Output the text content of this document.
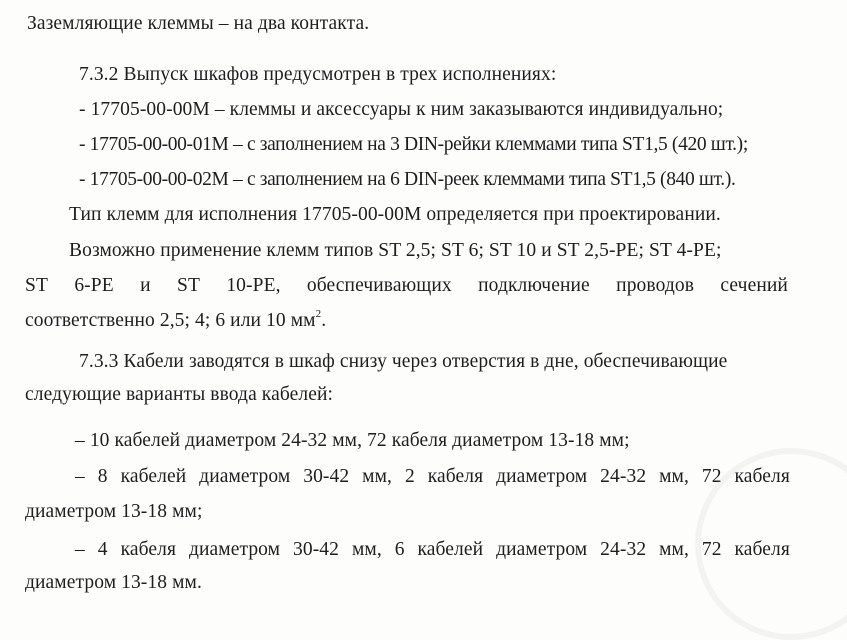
Заземляющие клеммы – на два контакта.
7.3.2 Выпуск шкафов предусмотрен в трех исполнениях:
- 17705-00-00М – клеммы и аксессуары к ним заказываются индивидуально;
- 17705-00-00-01М – с заполнением на 3 DIN-рейки клеммами типа ST1,5 (420 шт.);
- 17705-00-00-02М – с заполнением на 6 DIN-реек клеммами типа ST1,5 (840 шт.).
Тип клемм для исполнения 17705-00-00М определяется при проектировании.
Возможно применение клемм типов ST 2,5; ST 6; ST 10 и ST 2,5-PE; ST 4-PE;
ST 6-PE и ST 10-PE, обеспечивающих подключение проводов сечений
соответственно 2,5; 4; 6 или 10 $мм^2$.
7.3.3 Кабели заводятся в шкаф снизу через отверстия в дне, обеспечивающие
следующие варианты ввода кабелей:
– 10 кабелей диаметром 24-32 мм, 72 кабеля диаметром 13-18 мм;
– 8 кабелей диаметром 30-42 мм, 2 кабеля диаметром 24-32 мм, 72 кабеля
диаметром 13-18 мм;
– 4 кабеля диаметром 30-42 мм, 6 кабелей диаметром 24-32 мм, 72 кабеля
диаметром 13-18 мм.
